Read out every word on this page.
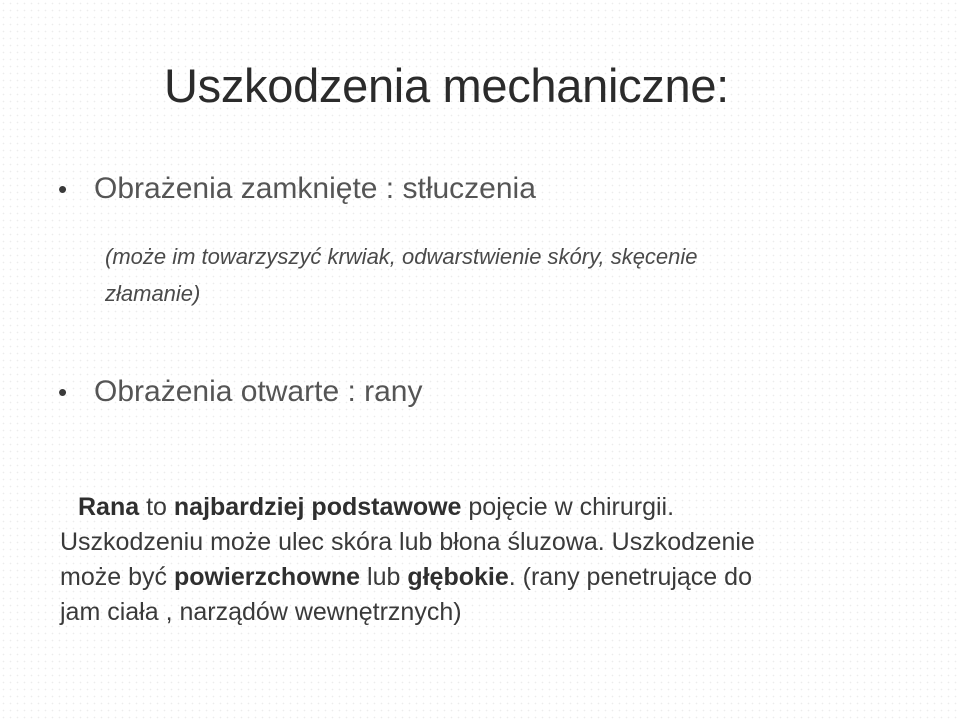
Uszkodzenia mechaniczne:
• Obrażenia zamknięte : stłuczenia

(może im towarzyszyć krwiak, odwarstwienie skóry, skęcenie
złamanie)

• Obrażenia otwarte : rany

Rana to najbardziej podstawowe pojęcie w chirurgii.
Uszkodzeniu może ulec skóra lub błona śluzowa. Uszkodzenie
może być powierzchowne lub głębokie. (rany penetrujące do
jam ciała , narządów wewnętrznych)
